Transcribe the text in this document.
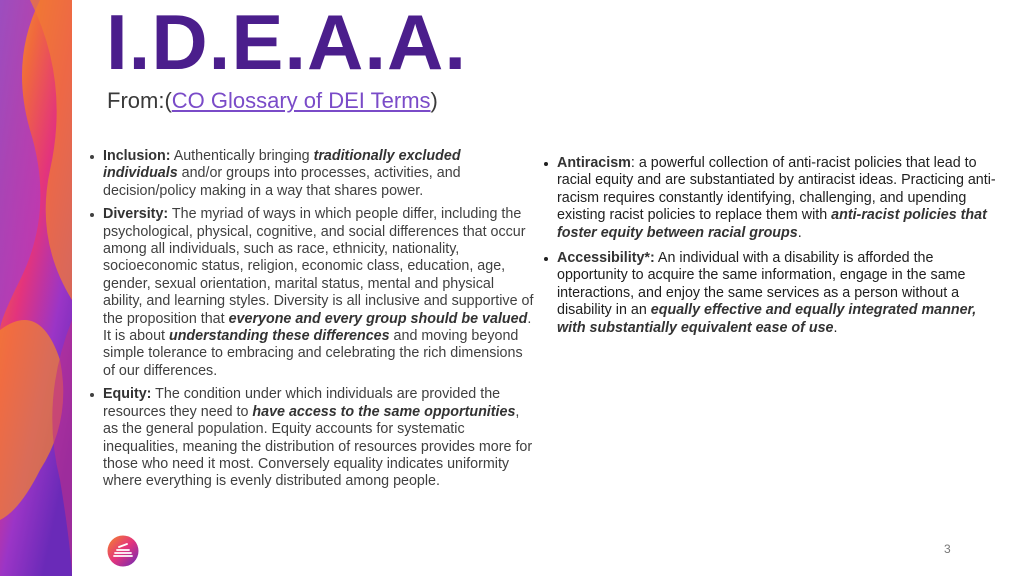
I.D.E.A.A.
From:(CO Glossary of DEI Terms)
Inclusion: Authentically bringing traditionally excluded individuals and/or groups into processes, activities, and decision/policy making in a way that shares power.
Diversity: The myriad of ways in which people differ, including the psychological, physical, cognitive, and social differences that occur among all individuals, such as race, ethnicity, nationality, socioeconomic status, religion, economic class, education, age, gender, sexual orientation, marital status, mental and physical ability, and learning styles. Diversity is all inclusive and supportive of the proposition that everyone and every group should be valued. It is about understanding these differences and moving beyond simple tolerance to embracing and celebrating the rich dimensions of our differences.
Equity: The condition under which individuals are provided the resources they need to have access to the same opportunities, as the general population. Equity accounts for systematic inequalities, meaning the distribution of resources provides more for those who need it most. Conversely equality indicates uniformity where everything is evenly distributed among people.
Antiracism: a powerful collection of anti-racist policies that lead to racial equity and are substantiated by antiracist ideas. Practicing anti-racism requires constantly identifying, challenging, and upending existing racist policies to replace them with anti-racist policies that foster equity between racial groups.
Accessibility*: An individual with a disability is afforded the opportunity to acquire the same information, engage in the same interactions, and enjoy the same services as a person without a disability in an equally effective and equally integrated manner, with substantially equivalent ease of use.
3
